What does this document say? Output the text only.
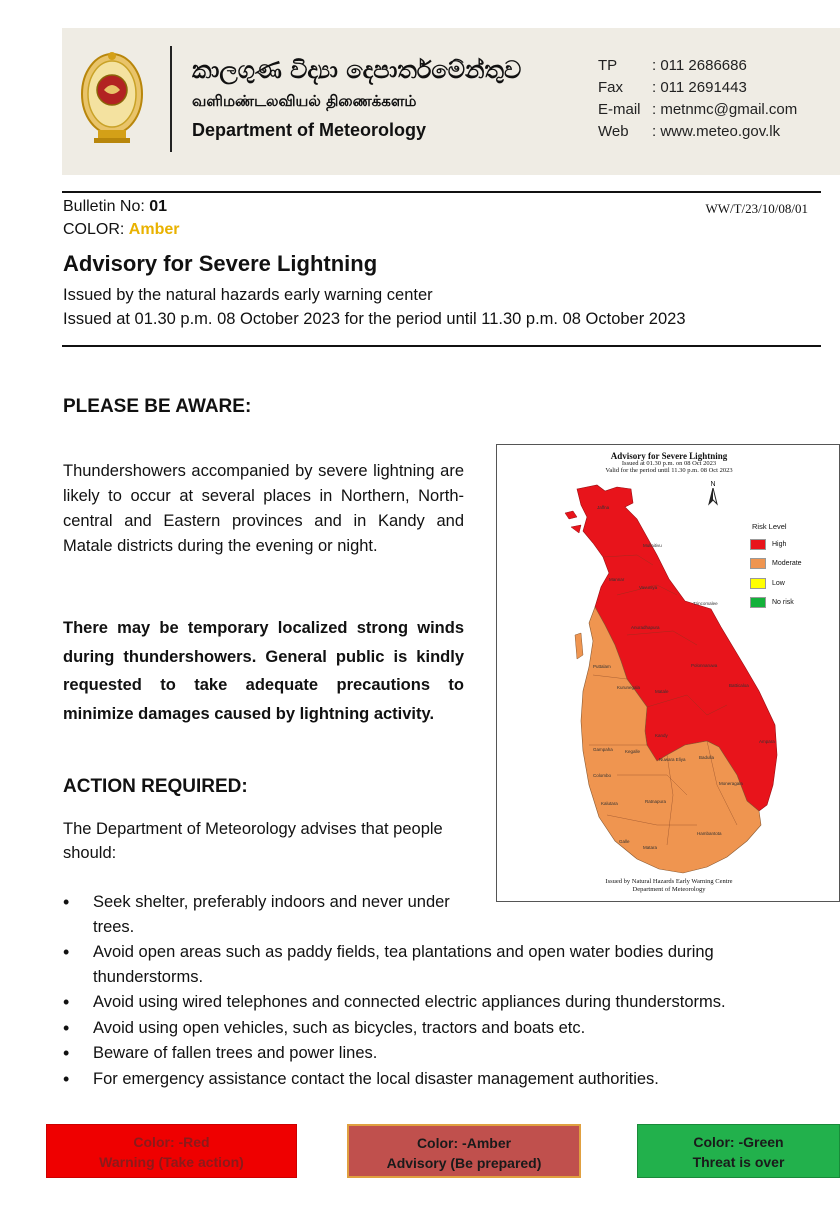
කාලගුණ විද්‍යා දෙපාර්තමේන්තුව
வளிமண்டலவியல் திணைக்களம்
Department of Meteorology
TP	: 011 2686686
Fax	: 011 2691443
E-mail : metnmc@gmail.com
Web	: www.meteo.gov.lk
Bulletin No: 01
COLOR: Amber
WW/T/23/10/08/01
Advisory for Severe Lightning
Issued by the natural hazards early warning center
Issued at 01.30 p.m. 08 October 2023 for the period until 11.30 p.m. 08 October 2023
PLEASE BE AWARE:
Thundershowers accompanied by severe lightning are likely to occur at several places in Northern, North-central and Eastern provinces and in Kandy and Matale districts during the evening or night.
There may be temporary localized strong winds during thundershowers. General public is kindly requested to take adequate precautions to minimize damages caused by lightning activity.
ACTION REQUIRED:
The Department of Meteorology advises that people should:
• Seek shelter, preferably indoors and never under trees.
• Avoid open areas such as paddy fields, tea plantations and open water bodies during thunderstorms.
• Avoid using wired telephones and connected electric appliances during thunderstorms.
• Avoid using open vehicles, such as bicycles, tractors and boats etc.
• Beware of fallen trees and power lines.
• For emergency assistance contact the local disaster management authorities.
Advisory for Severe Lightning
Issued at 01.30 p.m. on 08 Oct 2023
Valid for the period until 11.30 p.m. 08 Oct 2023
N
Risk Level
High
Moderate
Low
No risk
Jaffna
Mullaitivu
Mannar
Vavuniya
Trincomalee
Anuradhapura
Puttalam	Polonnaruwa
Kurunegala
Matale
Batticaloa
Kandy
Ampara
Gampaha	Kegalle
Nuwara Eliya	Badulla
Colombo
Moneragala
Kalutara	Ratnapura
Hambantota
Galle
Matara
Issued by Natural Hazards Early Warning Centre
Department of Meteorology
Color: -Red
Warning (Take action)
Color: -Amber
Advisory (Be prepared)
Color: -Green
Threat is over
